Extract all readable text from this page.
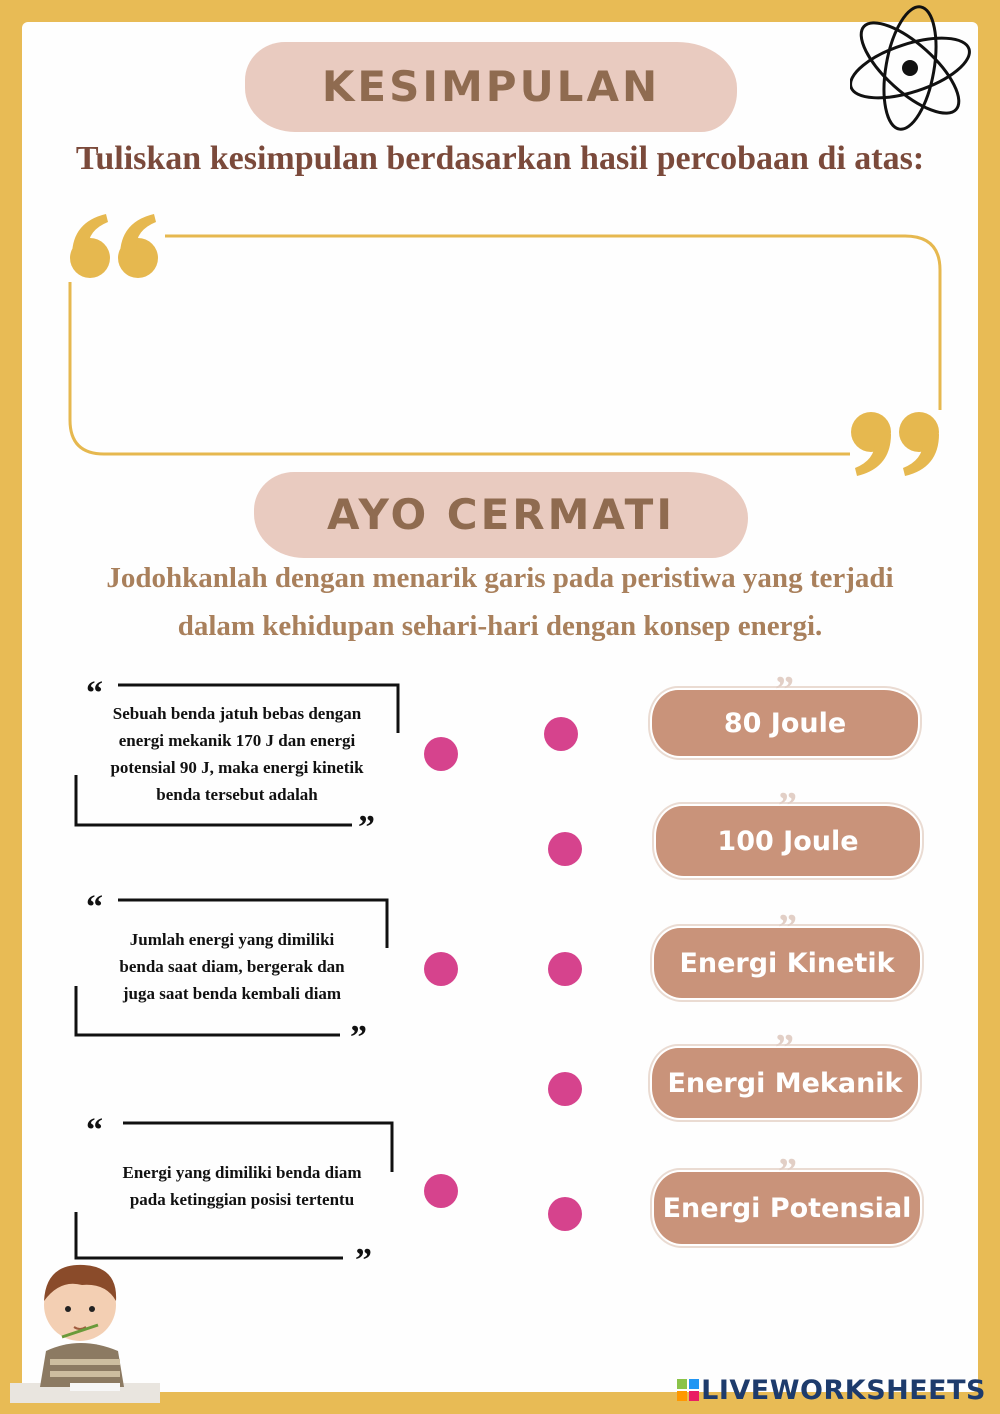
KESIMPULAN
Tuliskan kesimpulan berdasarkan hasil percobaan di atas:
AYO CERMATI
Jodohkanlah dengan menarik garis pada peristiwa yang terjadi
dalam kehidupan sehari-hari dengan konsep energi.
“
”
“
”
“
”
Sebuah benda jatuh bebas dengan
energi mekanik 170 J dan energi
potensial 90 J, maka energi kinetik
benda tersebut adalah
Jumlah energi yang dimiliki
benda saat diam, bergerak dan
juga saat benda kembali diam
Energi yang dimiliki benda diam
pada ketinggian posisi tertentu
80 Joule
100 Joule
Energi Kinetik
Energi Mekanik
Energi Potensial
”
”
”
”
”
LIVEWORKSHEETS
